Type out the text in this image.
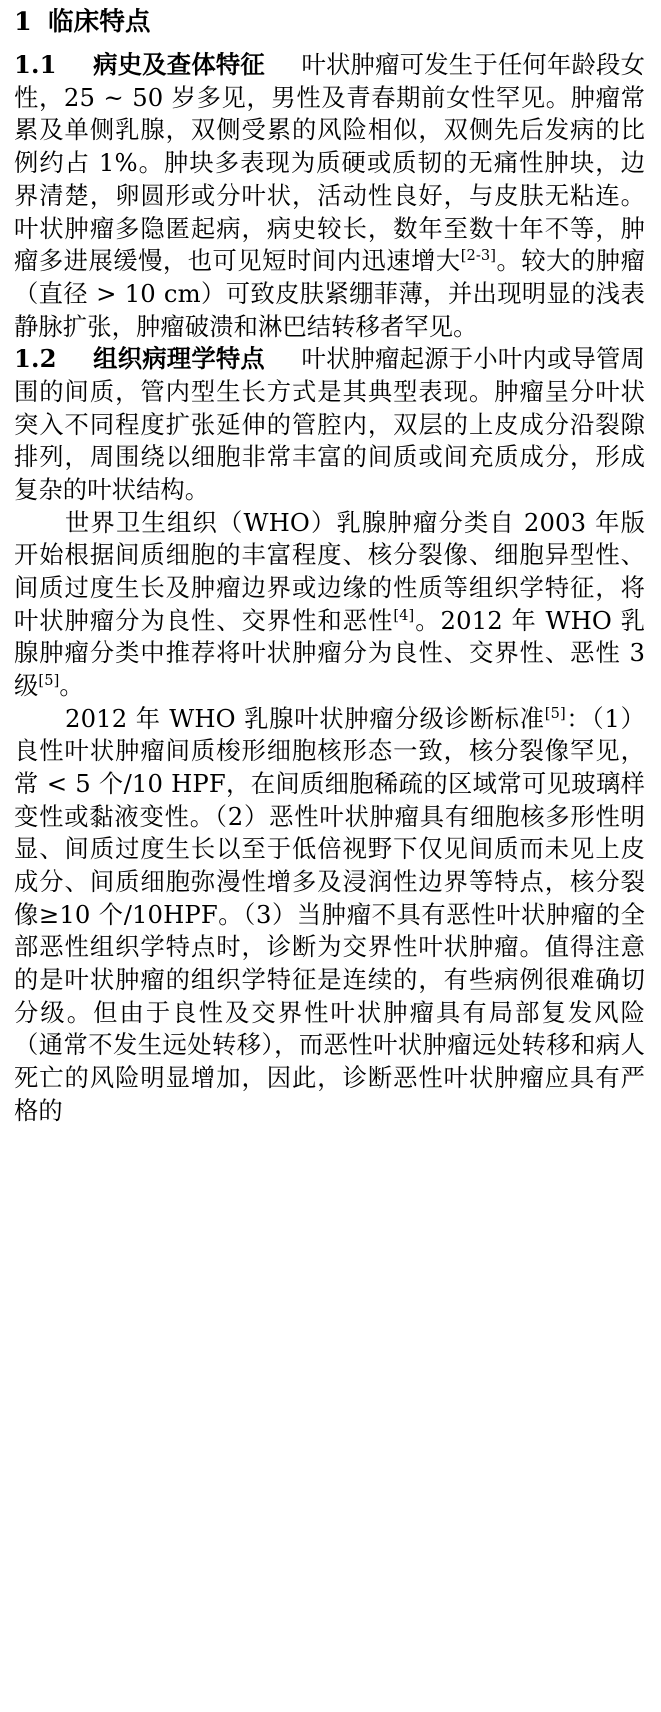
1 临床特点

1.1 病史及查体特征 叶状肿瘤可发生于任何年龄段女性，25 ~ 50 岁多见，男性及青春期前女性罕见。肿瘤常累及单侧乳腺，双侧受累的风险相似，双侧先后发病的比例约占 1%。肿块多表现为质硬或质韧的无痛性肿块，边界清楚，卵圆形或分叶状，活动性良好，与皮肤无粘连。叶状肿瘤多隐匿起病，病史较长，数年至数十年不等，肿瘤多进展缓慢，也可见短时间内迅速增大[2-3]。较大的肿瘤（直径 > 10 cm）可致皮肤紧绷菲薄，并出现明显的浅表静脉扩张，肿瘤破溃和淋巴结转移者罕见。

1.2 组织病理学特点 叶状肿瘤起源于小叶内或导管周围的间质，管内型生长方式是其典型表现。肿瘤呈分叶状突入不同程度扩张延伸的管腔内，双层的上皮成分沿裂隙排列，周围绕以细胞非常丰富的间质或间充质成分，形成复杂的叶状结构。

世界卫生组织（WHO）乳腺肿瘤分类自 2003 年版开始根据间质细胞的丰富程度、核分裂像、细胞异型性、间质过度生长及肿瘤边界或边缘的性质等组织学特征，将叶状肿瘤分为良性、交界性和恶性[4]。2012 年 WHO 乳腺肿瘤分类中推荐将叶状肿瘤分为良性、交界性、恶性 3 级[5]。

2012 年 WHO 乳腺叶状肿瘤分级诊断标准[5]：（1）良性叶状肿瘤间质梭形细胞核形态一致，核分裂像罕见，常 < 5 个/10 HPF，在间质细胞稀疏的区域常可见玻璃样变性或黏液变性。（2）恶性叶状肿瘤具有细胞核多形性明显、间质过度生长以至于低倍视野下仅见间质而未见上皮成分、间质细胞弥漫性增多及浸润性边界等特点，核分裂像≥10 个/10HPF。（3）当肿瘤不具有恶性叶状肿瘤的全部恶性组织学特点时，诊断为交界性叶状肿瘤。值得注意的是叶状肿瘤的组织学特征是连续的，有些病例很难确切分级。但由于良性及交界性叶状肿瘤具有局部复发风险（通常不发生远处转移），而恶性叶状肿瘤远处转移和病人死亡的风险明显增加，因此，诊断恶性叶状肿瘤应具有严格的
